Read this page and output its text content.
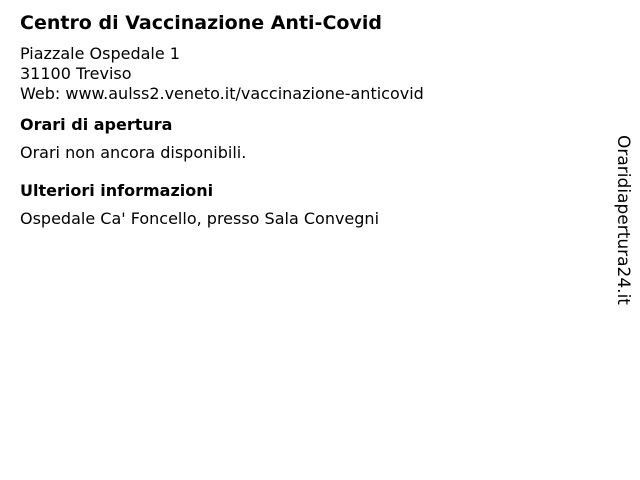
Centro di Vaccinazione Anti-Covid
Piazzale Ospedale 1
31100 Treviso
Web: www.aulss2.veneto.it/vaccinazione-anticovid
Orari di apertura
Orari non ancora disponibili.
Ulteriori informazioni
Ospedale Ca' Foncello, presso Sala Convegni	Oraridiapertura24.it
